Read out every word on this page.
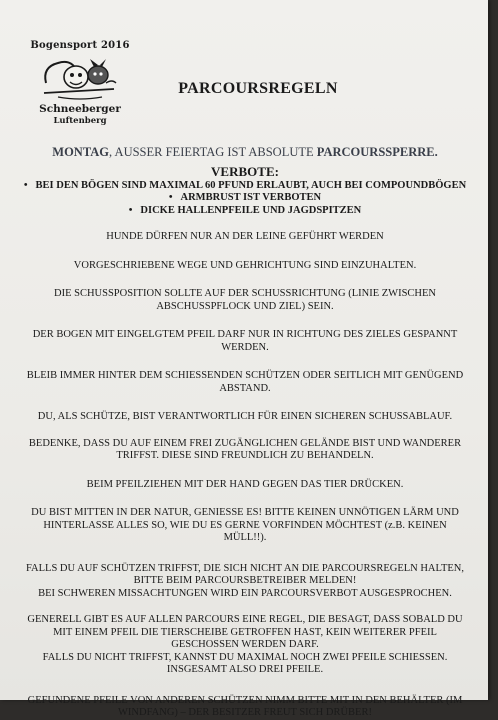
Bogensport 2016
Schneeberger
Luftenberg
PARCOURSREGELN
MONTAG, AUSSER FEIERTAG IST ABSOLUTE PARCOURSSPERRE.
VERBOTE:
• BEI DEN BÖGEN SIND MAXIMAL 60 PFUND ERLAUBT, AUCH BEI COMPOUNDBÖGEN
• ARMBRUST IST VERBOTEN
• DICKE HALLENPFEILE UND JAGDSPITZEN

HUNDE DÜRFEN NUR AN DER LEINE GEFÜHRT WERDEN

VORGESCHRIEBENE WEGE UND GEHRICHTUNG SIND EINZUHALTEN.

DIE SCHUSSPOSITION SOLLTE AUF DER SCHUSSRICHTUNG (LINIE ZWISCHEN ABSCHUSSPFLOCK UND ZIEL) SEIN.

DER BOGEN MIT EINGELGTEM PFEIL DARF NUR IN RICHTUNG DES ZIELES GESPANNT WERDEN.

BLEIB IMMER HINTER DEM SCHIESSENDEN SCHÜTZEN ODER SEITLICH MIT GENÜGEND ABSTAND.

DU, ALS SCHÜTZE, BIST VERANTWORTLICH FÜR EINEN SICHEREN SCHUSSABLAUF.

BEDENKE, DASS DU AUF EINEM FREI ZUGÄNGLICHEN GELÄNDE BIST UND WANDERER TRIFFST. DIESE SIND FREUNDLICH ZU BEHANDELN.

BEIM PFEILZIEHEN MIT DER HAND GEGEN DAS TIER DRÜCKEN.

DU BIST MITTEN IN DER NATUR, GENIESSE ES! BITTE KEINEN UNNÖTIGEN LÄRM UND HINTERLASSE ALLES SO, WIE DU ES GERNE VORFINDEN MÖCHTEST (z.B. KEINEN MÜLL!!).

FALLS DU AUF SCHÜTZEN TRIFFST, DIE SICH NICHT AN DIE PARCOURSREGELN HALTEN, BITTE BEIM PARCOURSBETREIBER MELDEN!

BEI SCHWEREN MISSACHTUNGEN WIRD EIN PARCOURSVERBOT AUSGESPROCHEN.

GENERELL GIBT ES AUF ALLEN PARCOURS EINE REGEL, DIE BESAGT, DASS SOBALD DU MIT EINEM PFEIL DIE TIERSCHEIBE GETROFFEN HAST, KEIN WEITERER PFEIL GESCHOSSEN WERDEN DARF.

FALLS DU NICHT TRIFFST, KANNST DU MAXIMAL NOCH ZWEI PFEILE SCHIESSEN. INSGESAMT ALSO DREI PFEILE.

GEFUNDENE PFEILE VON ANDEREN SCHÜTZEN NIMM BITTE MIT IN DEN BEHÄLTER (IM WINDFANG) – DER BESITZER FREUT SICH DRÜBER!
